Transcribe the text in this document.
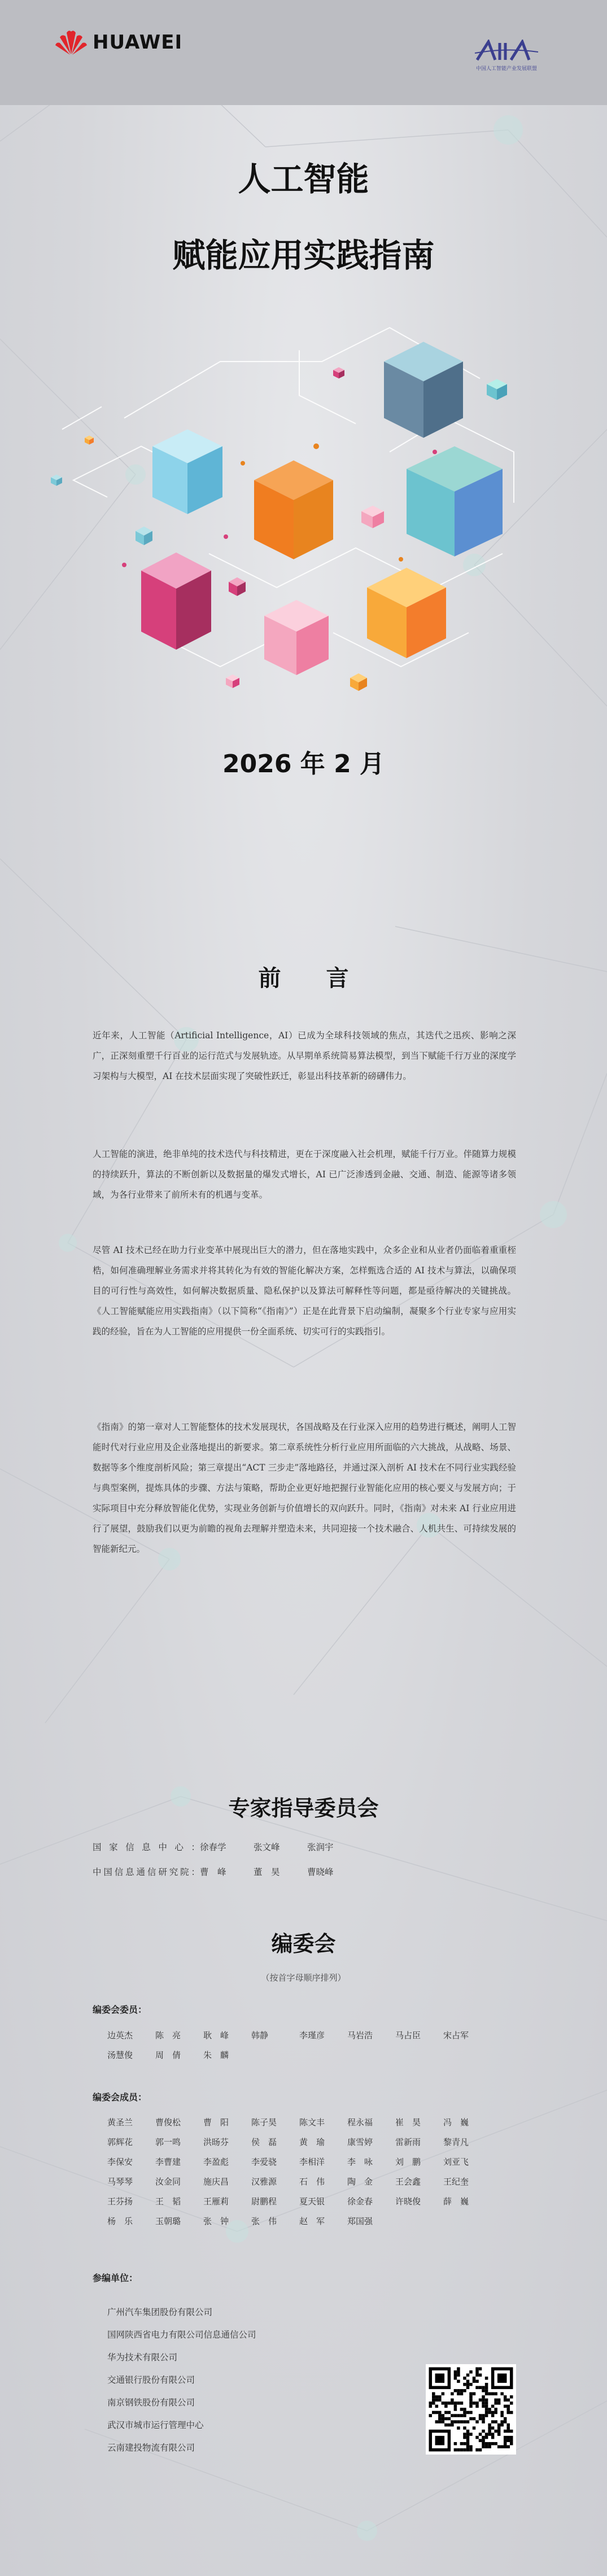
HUAWEI
中国人工智能产业发展联盟
人工智能
赋能应用实践指南
2026 年 2 月
前　　言

近年来，人工智能（Artificial Intelligence，AI）已成为全球科技领域的焦点，其迭代之迅疾、影响之深广，正深刻重塑千行百业的运行范式与发展轨迹。从早期单系统简易算法模型，到当下赋能千行万业的深度学习架构与大模型，AI 在技术层面实现了突破性跃迁，彰显出科技革新的磅礴伟力。

人工智能的演进，绝非单纯的技术迭代与科技精进，更在于深度融入社会机理，赋能千行万业。伴随算力规模的持续跃升，算法的不断创新以及数据量的爆发式增长，AI 已广泛渗透到金融、交通、制造、能源等诸多领域，为各行业带来了前所未有的机遇与变革。

尽管 AI 技术已经在助力行业变革中展现出巨大的潜力，但在落地实践中，众多企业和从业者仍面临着重重桎梏，如何准确理解业务需求并将其转化为有效的智能化解决方案，怎样甄选合适的 AI 技术与算法，以确保项目的可行性与高效性，如何解决数据质量、隐私保护以及算法可解释性等问题，都是亟待解决的关键挑战。《人工智能赋能应用实践指南》（以下简称“《指南》”）正是在此背景下启动编制，凝聚多个行业专家与应用实践的经验，旨在为人工智能的应用提供一份全面系统、切实可行的实践指引。

《指南》的第一章对人工智能整体的技术发展现状，各国战略及在行业深入应用的趋势进行概述，阐明人工智能时代对行业应用及企业落地提出的新要求。第二章系统性分析行业应用所面临的六大挑战，从战略、场景、数据等多个维度剖析风险；第三章提出“ACT 三步走”落地路径，并通过深入剖析 AI 技术在不同行业实践经验与典型案例，提炼具体的步骤、方法与策略，帮助企业更好地把握行业智能化应用的核心要义与发展方向；于实际项目中充分释放智能化优势，实现业务创新与价值增长的双向跃升。同时，《指南》对未来 AI 行业应用进行了展望，鼓励我们以更为前瞻的视角去理解并塑造未来，共同迎接一个技术融合、人机共生、可持续发展的智能新纪元。

专家指导委员会
国家信息中心： 徐春学	张文峰	张润宇
中国信息通信研究院： 曹　峰	董　昊	曹晓峰
编委会
（按首字母顺序排列）
编委会委员：
边英杰	陈　亮	耿　峰	韩静	李瑾彦	马岩浩	马占臣	宋占军
汤慧俊	周　倩	朱　麟
编委会成员：
黄圣兰	曹俊松	曹　阳	陈子昊	陈文丰	程永福	崔　昊	冯　巍
郭辉花	郭一鸣	洪旸芬	侯　磊	黄　瑜	康雪婷	雷新雨	黎青凡
李保安	李曹建	李盈彪	李爱骁	李相洋	李　咏	刘　鹏	刘亚飞
马琴琴	汝金同	施庆昌	汉雅源	石　伟	陶　金	王会鑫	王纪奎
王芬扬	王　韬	王雁莉	尉鹏程	夏天银	徐金春	许晓俊	薛　巍
杨　乐	玉朝璐	张　钟	张　伟	赵　军	郑国强
参编单位：
广州汽车集团股份有限公司
国网陕西省电力有限公司信息通信公司
华为技术有限公司
交通银行股份有限公司
南京钢铁股份有限公司
武汉市城市运行管理中心
云南建投物流有限公司
